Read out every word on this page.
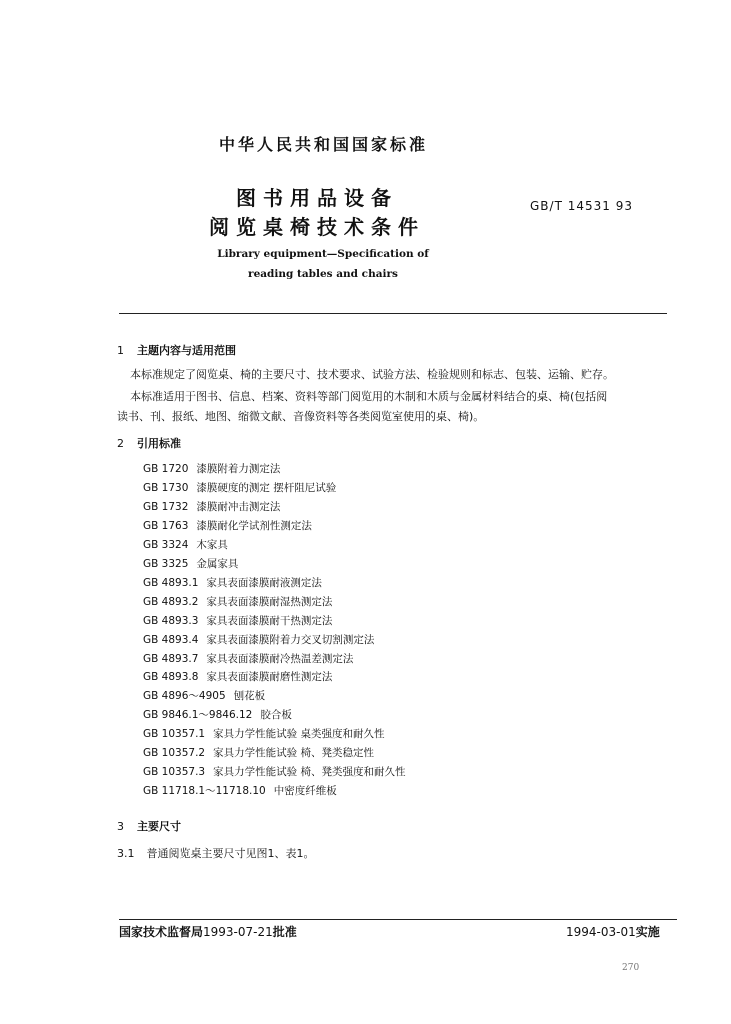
中华人民共和国国家标准
图书用品设备
阅览桌椅技术条件
GB/T 14531 93
Library equipment—Specification of
reading tables and chairs
1 主题内容与适用范围
本标准规定了阅览桌、椅的主要尺寸、技术要求、试验方法、检验规则和标志、包装、运输、贮存。
本标准适用于图书、信息、档案、资料等部门阅览用的木制和木质与金属材料结合的桌、椅(包括阅
读书、刊、报纸、地图、缩微文献、音像资料等各类阅览室使用的桌、椅)。
2 引用标准
GB 1720 漆膜附着力测定法
GB 1730 漆膜硬度的测定 摆杆阻尼试验
GB 1732 漆膜耐冲击测定法
GB 1763 漆膜耐化学试剂性测定法
GB 3324 木家具
GB 3325 金属家具
GB 4893.1 家具表面漆膜耐液测定法
GB 4893.2 家具表面漆膜耐湿热测定法
GB 4893.3 家具表面漆膜耐干热测定法
GB 4893.4 家具表面漆膜附着力交叉切割测定法
GB 4893.7 家具表面漆膜耐冷热温差测定法
GB 4893.8 家具表面漆膜耐磨性测定法
GB 4896～4905 刨花板
GB 9846.1～9846.12 胶合板
GB 10357.1 家具力学性能试验 桌类强度和耐久性
GB 10357.2 家具力学性能试验 椅、凳类稳定性
GB 10357.3 家具力学性能试验 椅、凳类强度和耐久性
GB 11718.1～11718.10 中密度纤维板
3 主要尺寸
3.1 普通阅览桌主要尺寸见图1、表1。
国家技术监督局1993-07-21批准	1994-03-01实施
270
